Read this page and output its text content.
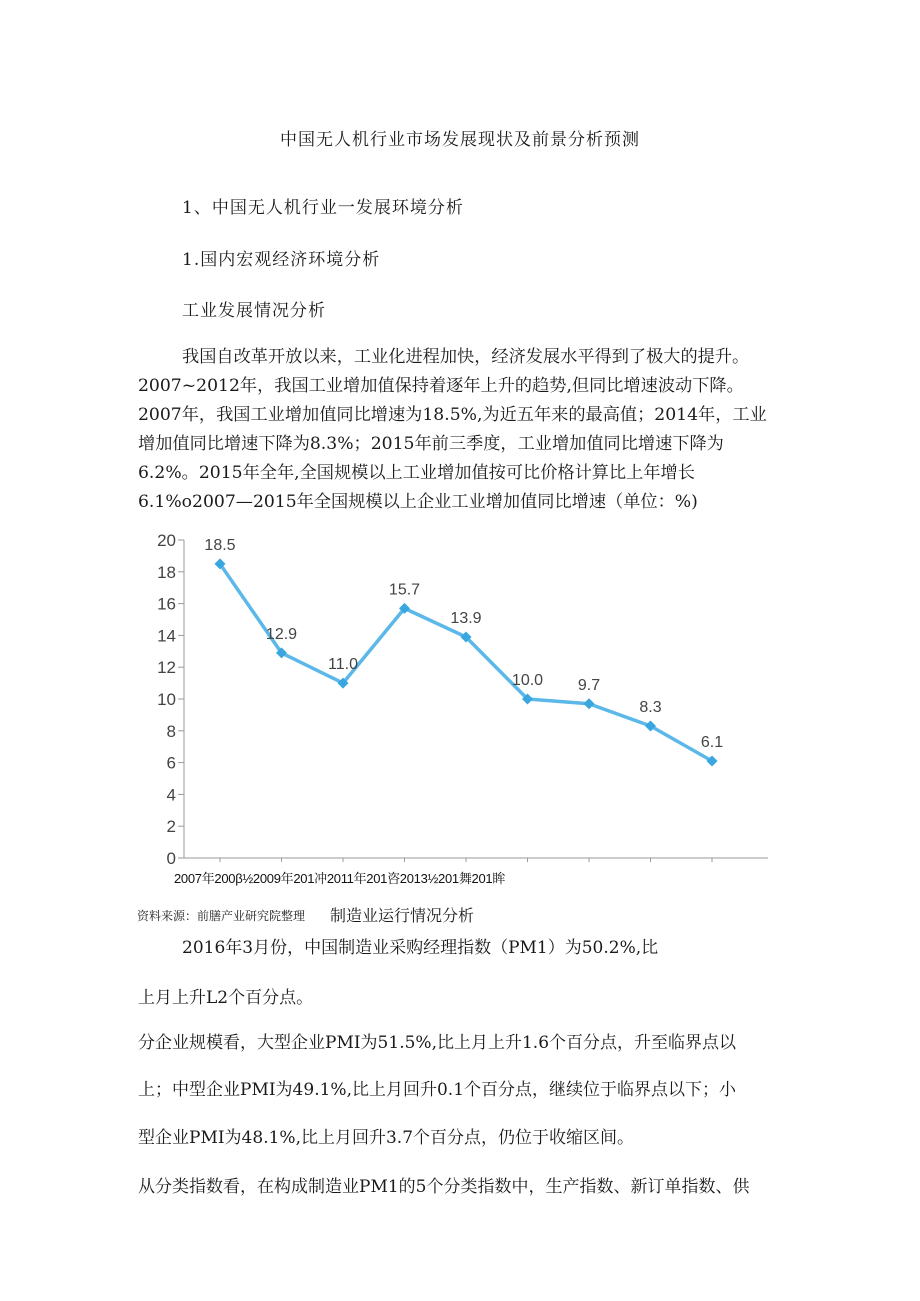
中国无人机行业市场发展现状及前景分析预测
1、中国无人机行业一发展环境分析
1.国内宏观经济环境分析
工业发展情况分析
我国自改革开放以来，工业化进程加快，经济发展水平得到了极大的提升。2007~2012年，我国工业增加值保持着逐年上升的趋势,但同比增速波动下降。2007年，我国工业增加值同比增速为18.5%,为近五年来的最高值；2014年，工业增加值同比增速下降为8.3%；2015年前三季度，工业增加值同比增速下降为6.2%。2015年全年,全国规模以上工业增加值按可比价格计算比上年增长6.1%o2007—2015年全国规模以上企业工业增加值同比增速（单位：%)
0
2
4
6
8
10
12
14
16
18
20 18.5
12.9
11.0
15.7
13.9
10.0 9.7
8.3
6.1
2007年200β½2009年201冲2011年201咨2013½201舞201眸
资料来源：前膳产业研究院整理 制造业运行情况分析
2016年3月份，中国制造业采购经理指数（PM1）为50.2%,比
上月上升L2个百分点。
分企业规模看，大型企业PMI为51.5%,比上月上升1.6个百分点，升至临界点以
上；中型企业PMI为49.1%,比上月回升0.1个百分点，继续位于临界点以下；小
型企业PMI为48.1%,比上月回升3.7个百分点，仍位于收缩区间。
从分类指数看，在构成制造业PM1的5个分类指数中，生产指数、新订单指数、供
